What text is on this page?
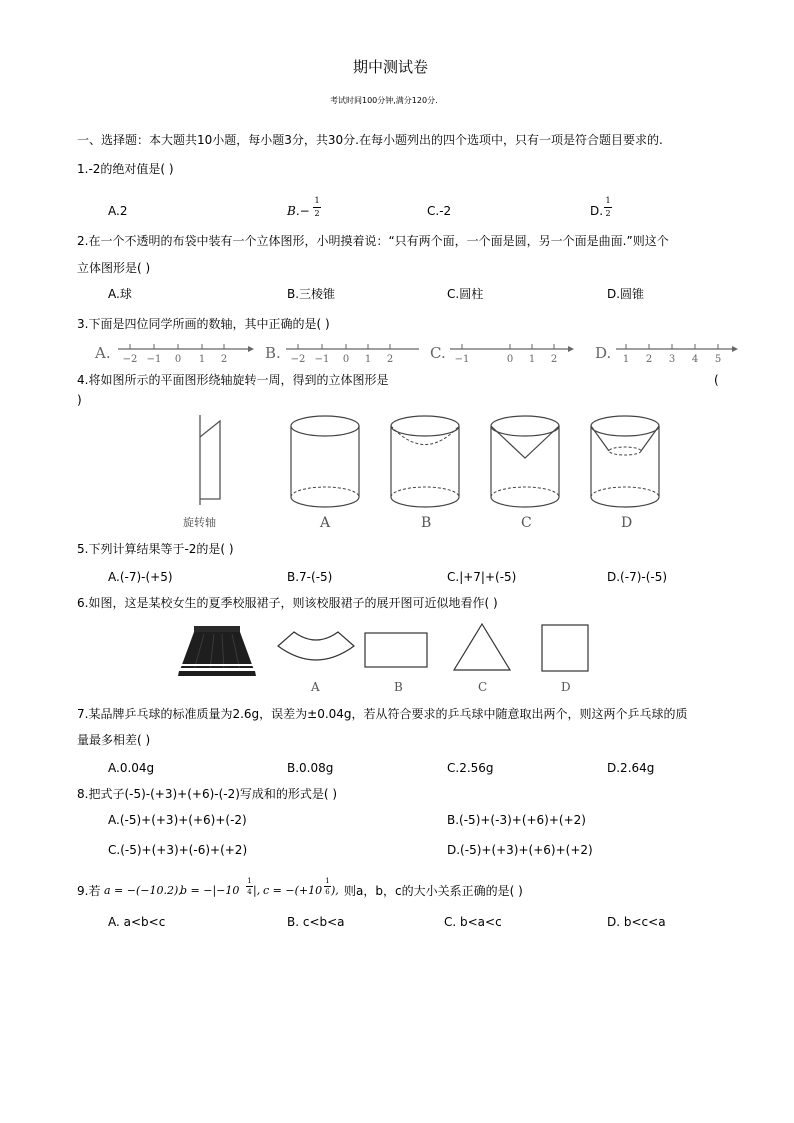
期中测试卷
考试时间100分钟,满分120分.
一、选择题：本大题共10小题，每小题3分，共30分.在每小题列出的四个选项中，只有一项是符合题目要求的.
1.-2的绝对值是( )
A.2	B.−
1
2	C.-2	D.
1
2
2.在一个不透明的布袋中装有一个立体图形，小明摸着说：“只有两个面，一个面是圆，另一个面是曲面.”则这个
立体图形是( )
A.球	B.三棱锥	C.圆柱	D.圆锥
3.下面是四位同学所画的数轴，其中正确的是( )
A. −2 −1 0 1 2	B. −2 −1 0 1 2 C. −1	0 1 2	D. 1 2 3 4 5
4.将如图所示的平面图形绕轴旋转一周，得到的立体图形是	(
)
旋转轴	A	B	C	D
5.下列计算结果等于-2的是( )
A.(-7)-(+5)	B.7-(-5)	C.|+7|+(-5)	D.(-7)-(-5)
6.如图，这是某校女生的夏季校服裙子，则该校服裙子的展开图可近似地看作( )
A	B	C	D
7.某品牌乒乓球的标准质量为2.6g，误差为±0.04g，若从符合要求的乒乓球中随意取出两个，则这两个乒乓球的质
量最多相差( )
A.0.04g	B.0.08g	C.2.56g	D.2.64g
8.把式子(-5)-(+3)+(+6)-(-2)写成和的形式是( )
A.(-5)+(+3)+(+6)+(-2)	B.(-5)+(-3)+(+6)+(+2)
C.(-5)+(+3)+(-6)+(+2)	D.(-5)+(+3)+(+6)+(+2)
9.若 a = −(−10.2),
b = −|−10
1
4 |, c = −(+10
1
6 ), 则a，b，c的大小关系正确的是( )
A. a<b<c	B. c<b<a	C. b<a<c	D. b<c<a
